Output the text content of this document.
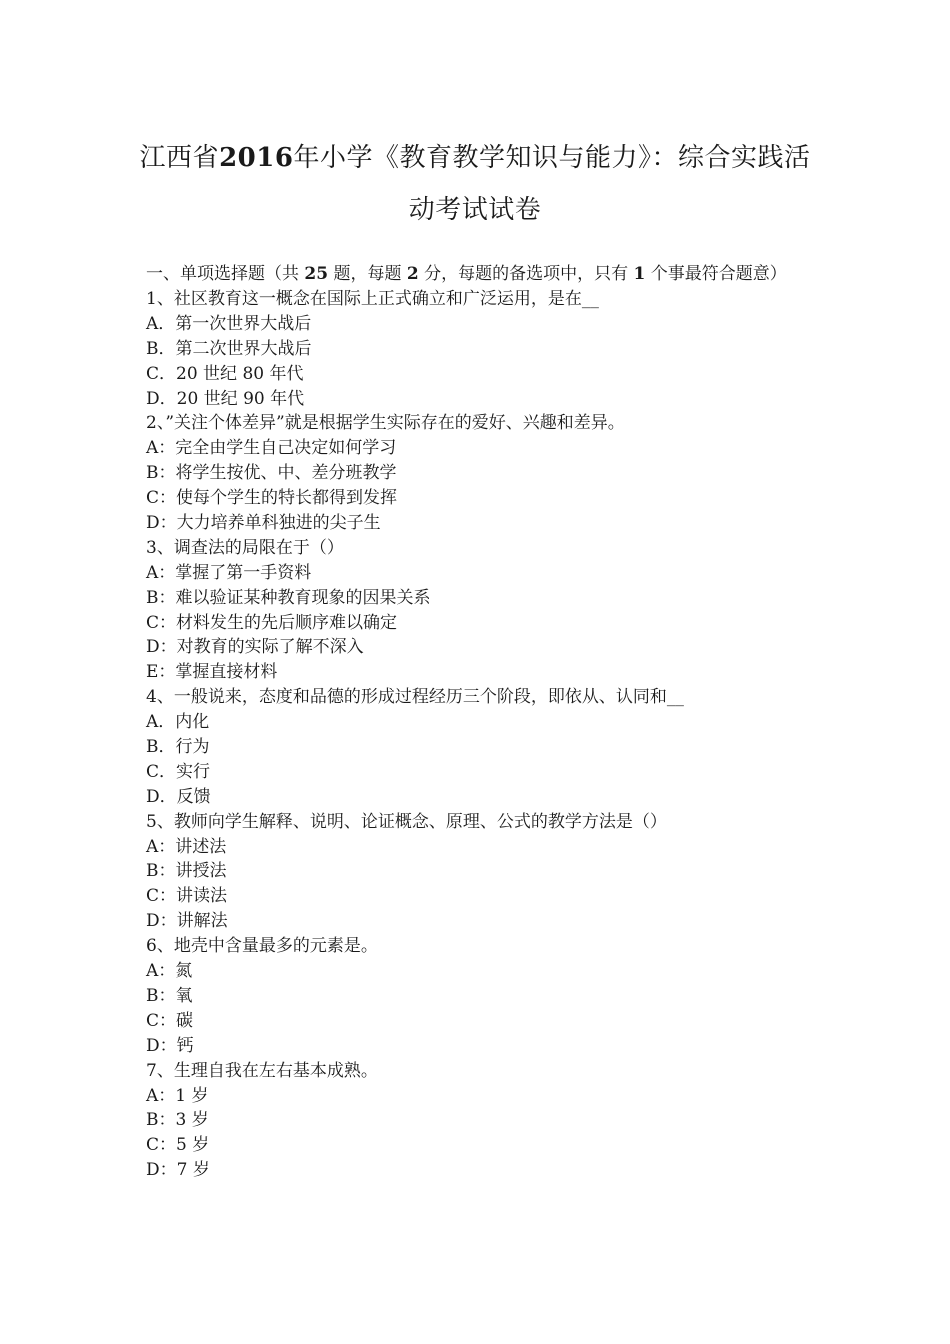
江西省2016年小学《教育教学知识与能力》：综合实践活
动考试试卷
一、单项选择题（共 25 题，每题 2 分，每题的备选项中，只有 1 个事最符合题意）
1、社区教育这一概念在国际上正式确立和广泛运用，是在__
A．第一次世界大战后
B．第二次世界大战后
C．20 世纪 80 年代
D．20 世纪 90 年代
2、”关注个体差异”就是根据学生实际存在的爱好、兴趣和差异。
A：完全由学生自己决定如何学习
B：将学生按优、中、差分班教学
C：使每个学生的特长都得到发挥
D：大力培养单科独进的尖子生
3、调查法的局限在于（）
A：掌握了第一手资料
B：难以验证某种教育现象的因果关系
C：材料发生的先后顺序难以确定
D：对教育的实际了解不深入
E：掌握直接材料
4、一般说来，态度和品德的形成过程经历三个阶段，即依从、认同和__
A．内化
B．行为
C．实行
D．反馈
5、教师向学生解释、说明、论证概念、原理、公式的教学方法是（）
A：讲述法
B：讲授法
C：讲读法
D：讲解法
6、地壳中含量最多的元素是。
A：氮
B：氧
C：碳
D：钙
7、生理自我在左右基本成熟。
A：1 岁
B：3 岁
C：5 岁
D：7 岁
